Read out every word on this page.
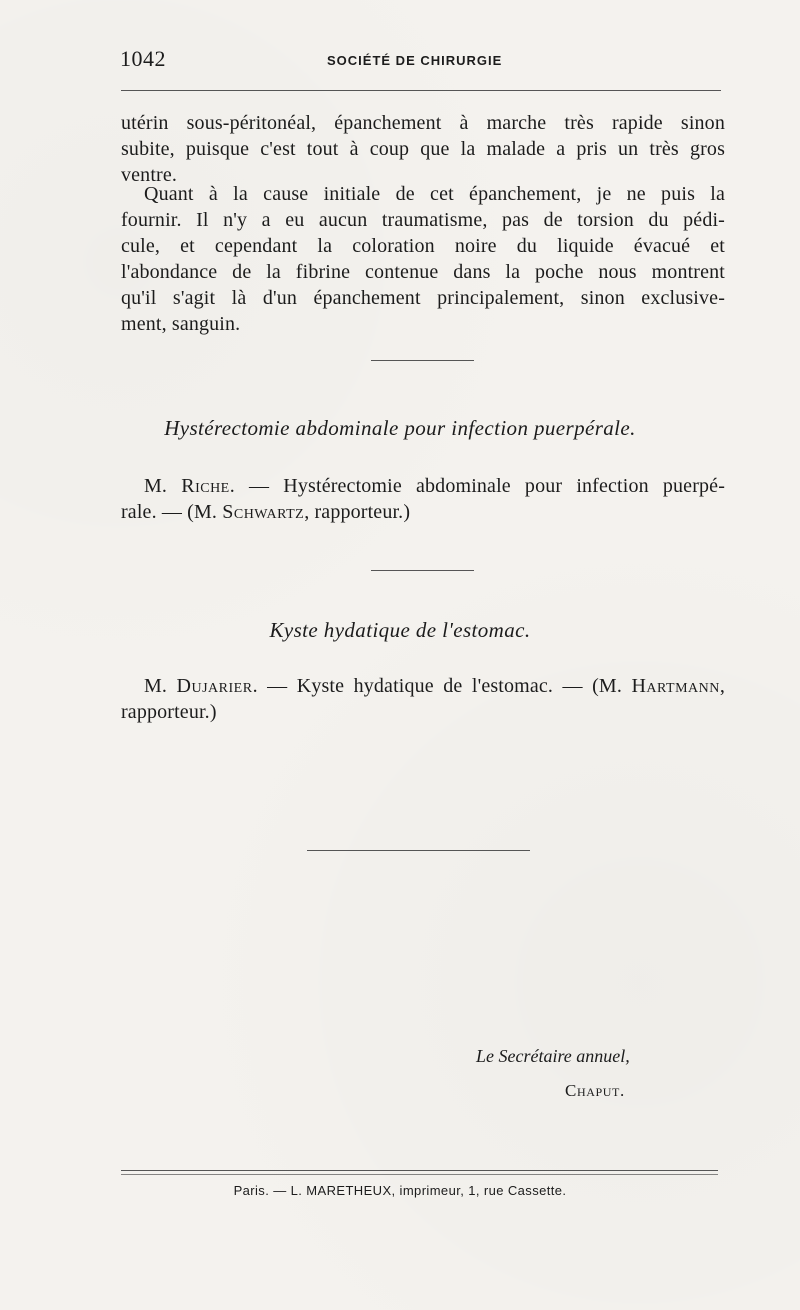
1042	SOCIÉTÉ DE CHIRURGIE
utérin sous-péritonéal, épanchement à marche très rapide sinon
subite, puisque c'est tout à coup que la malade a pris un très gros
ventre.
Quant à la cause initiale de cet épanchement, je ne puis la
fournir. Il n'y a eu aucun traumatisme, pas de torsion du pédi-
cule, et cependant la coloration noire du liquide évacué et
l'abondance de la fibrine contenue dans la poche nous montrent
qu'il s'agit là d'un épanchement principalement, sinon exclusive-
ment, sanguin.
Hystérectomie abdominale pour infection puerpérale.
M. Riche. — Hystérectomie abdominale pour infection puerpé-
rale. — (M. Schwartz, rapporteur.)
Kyste hydatique de l'estomac.
M. Dujarier. — Kyste hydatique de l'estomac. — (M. Hartmann,
rapporteur.)
Le Secrétaire annuel,
Chaput.
Paris. — L. MARETHEUX, imprimeur, 1, rue Cassette.
